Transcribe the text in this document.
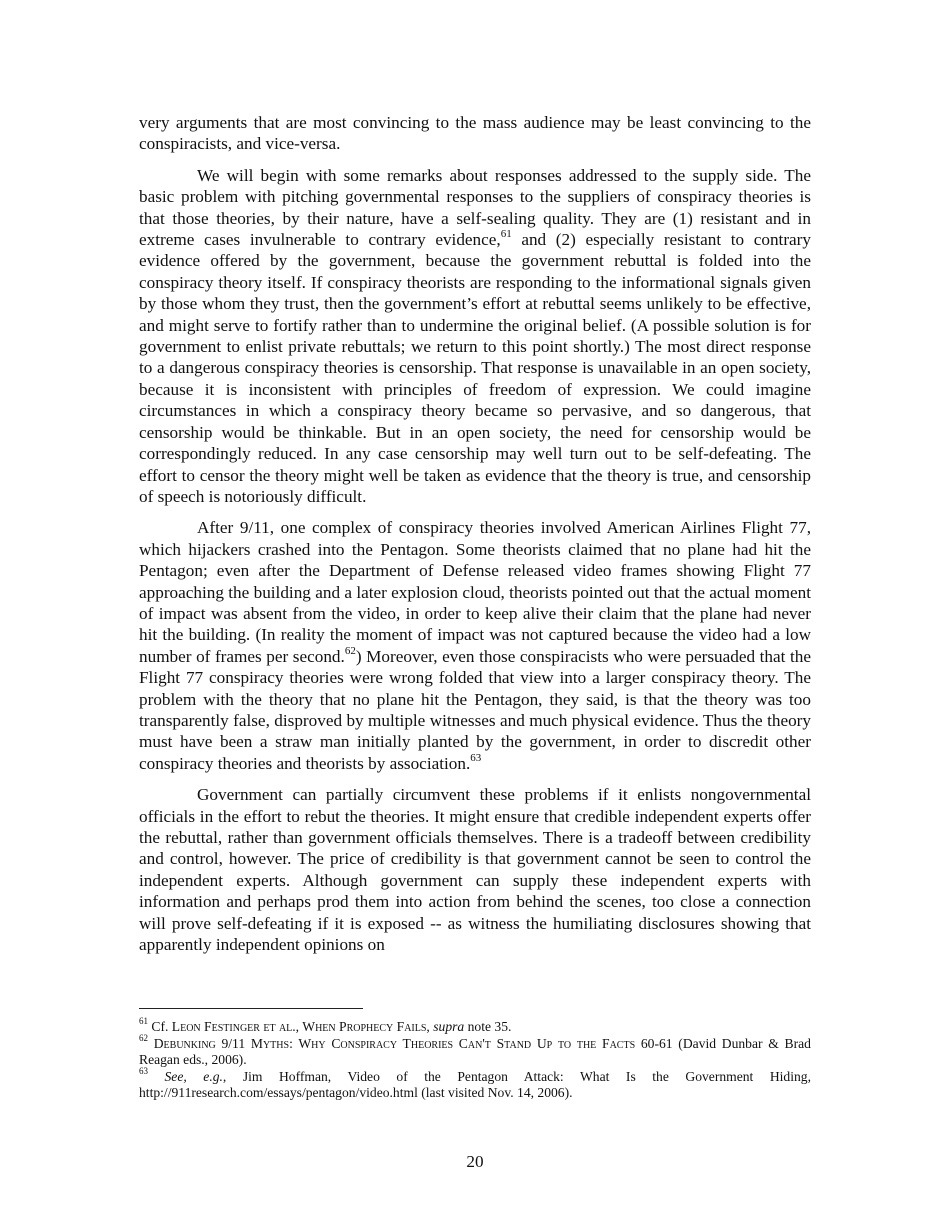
very arguments that are most convincing to the mass audience may be least convincing to the conspiracists, and vice-versa.

We will begin with some remarks about responses addressed to the supply side. The basic problem with pitching governmental responses to the suppliers of conspiracy theories is that those theories, by their nature, have a self-sealing quality. They are (1) resistant and in extreme cases invulnerable to contrary evidence,$^{61}$ and (2) especially resistant to contrary evidence offered by the government, because the government rebuttal is folded into the conspiracy theory itself. If conspiracy theorists are responding to the informational signals given by those whom they trust, then the government’s effort at rebuttal seems unlikely to be effective, and might serve to fortify rather than to undermine the original belief. (A possible solution is for government to enlist private rebuttals; we return to this point shortly.) The most direct response to a dangerous conspiracy theories is censorship. That response is unavailable in an open society, because it is inconsistent with principles of freedom of expression. We could imagine circumstances in which a conspiracy theory became so pervasive, and so dangerous, that censorship would be thinkable. But in an open society, the need for censorship would be correspondingly reduced. In any case censorship may well turn out to be self-defeating. The effort to censor the theory might well be taken as evidence that the theory is true, and censorship of speech is notoriously difficult.

After 9/11, one complex of conspiracy theories involved American Airlines Flight 77, which hijackers crashed into the Pentagon. Some theorists claimed that no plane had hit the Pentagon; even after the Department of Defense released video frames showing Flight 77 approaching the building and a later explosion cloud, theorists pointed out that the actual moment of impact was absent from the video, in order to keep alive their claim that the plane had never hit the building. (In reality the moment of impact was not captured because the video had a low number of frames per second.$^{62}$) Moreover, even those conspiracists who were persuaded that the Flight 77 conspiracy theories were wrong folded that view into a larger conspiracy theory. The problem with the theory that no plane hit the Pentagon, they said, is that the theory was too transparently false, disproved by multiple witnesses and much physical evidence. Thus the theory must have been a straw man initially planted by the government, in order to discredit other conspiracy theories and theorists by association.$^{63}$

Government can partially circumvent these problems if it enlists nongovernmental officials in the effort to rebut the theories. It might ensure that credible independent experts offer the rebuttal, rather than government officials themselves. There is a tradeoff between credibility and control, however. The price of credibility is that government cannot be seen to control the independent experts. Although government can supply these independent experts with information and perhaps prod them into action from behind the scenes, too close a connection will prove self-defeating if it is exposed -- as witness the humiliating disclosures showing that apparently independent opinions on

$^{61}$ Cf. Leon Festinger et al., When Prophecy Fails, supra note 35.

$^{62}$ Debunking 9/11 Myths: Why Conspiracy Theories Can't Stand Up to the Facts 60-61 (David Dunbar & Brad Reagan eds., 2006).

$^{63}$ See, e.g., Jim Hoffman, Video of the Pentagon Attack: What Is the Government Hiding, http://911research.com/essays/pentagon/video.html (last visited Nov. 14, 2006).

20
